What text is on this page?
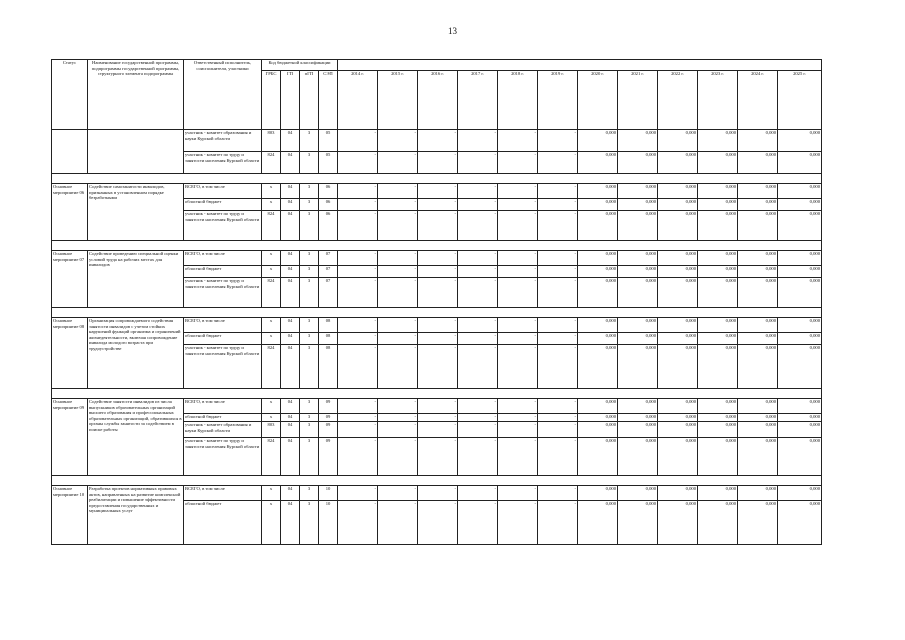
13
Статус	Наименование государственной программы, подпрограммы государственной программы, структурного элемента подпрограммы	Ответственный исполнитель, соисполнители, участники	Код бюджетной классификации															
			ГРБС	ГП	пГП	СЭП	2014 г.	2015 г.	2016 г.	2017 г.	2018 г.	2019 г.	2020 г.	2021 г.	2022 г.	2023 г.	2024 г.	2025 г.
		участник - комитет образования и науки Курской области	803	04	3	05	-	-	-	-	-	-	0,000	0,000	0,000	0,000	0,000	0,000
		участник - комитет по труду и занятости населения Курской области	824	04	3	05	-	-	-	-	-	-	0,000	0,000	0,000	0,000	0,000	0,000

Основное мероприятие 06	Содействие самозанятости инвалидов, признанных в установленном порядке безработными	ВСЕГО, в том числе	x	04	3	06	-	-	-	-	-	-	0,000	0,000	0,000	0,000	0,000	0,000
		областной бюджет	x	04	3	06	-	-	-	-	-	-	0,000	0,000	0,000	0,000	0,000	0,000
		участник - комитет по труду и занятости населения Курской области	824	04	3	06	-	-	-	-	-	-	0,000	0,000	0,000	0,000	0,000	0,000

Основное мероприятие 07	Содействие проведению специальной оценки условий труда на рабочих местах для инвалидов	ВСЕГО, в том числе	x	04	3	07	-	-	-	-	-	-	0,000	0,000	0,000	0,000	0,000	0,000
		областной бюджет	x	04	3	07	-	-	-	-	-	-	0,000	0,000	0,000	0,000	0,000	0,000
		участник - комитет по труду и занятости населения Курской области	824	04	3	07	-	-	-	-	-	-	0,000	0,000	0,000	0,000	0,000	0,000

Основное мероприятие 08	Организация сопровождаемого содействия занятости инвалидов с учетом стойких нарушений функций организма и ограничений жизнедеятельности, включая сопровождение инвалида молодого возраста при трудоустройстве	ВСЕГО, в том числе	x	04	3	08	-	-	-	-	-	-	0,000	0,000	0,000	0,000	0,000	0,000
		областной бюджет	x	04	3	08	-	-	-	-	-	-	0,000	0,000	0,000	0,000	0,000	0,000
		участник - комитет по труду и занятости населения Курской области	824	04	3	08	-	-	-	-	-	-	0,000	0,000	0,000	0,000	0,000	0,000

Основное мероприятие 09	Содействие занятости инвалидов из числа выпускников образовательных организаций высшего образования и профессиональных образовательных организаций, обратившихся в органы службы занятости за содействием в поиске работы	ВСЕГО, в том числе	x	04	3	09	-	-	-	-	-	-	0,000	0,000	0,000	0,000	0,000	0,000
		областной бюджет	x	04	3	09	-	-	-	-	-	-	0,000	0,000	0,000	0,000	0,000	0,000
		участник - комитет образования и науки Курской области	803	04	3	09	-	-	-	-	-	-	0,000	0,000	0,000	0,000	0,000	0,000
		участник - комитет по труду и занятости населения Курской области	824	04	3	09	-	-	-	-	-	-	0,000	0,000	0,000	0,000	0,000	0,000

Основное мероприятие 10	Разработка проектов нормативных правовых актов, направленных на развитие комплексной реабилитации и повышение эффективности предоставления государственных и муниципальных услуг	ВСЕГО, в том числе	x	04	3	10	-	-	-	-	-	-	0,000	0,000	0,000	0,000	0,000	0,000
		областной бюджет	x	04	3	10	-	-	-	-	-	-	0,000	0,000	0,000	0,000	0,000	0,000
